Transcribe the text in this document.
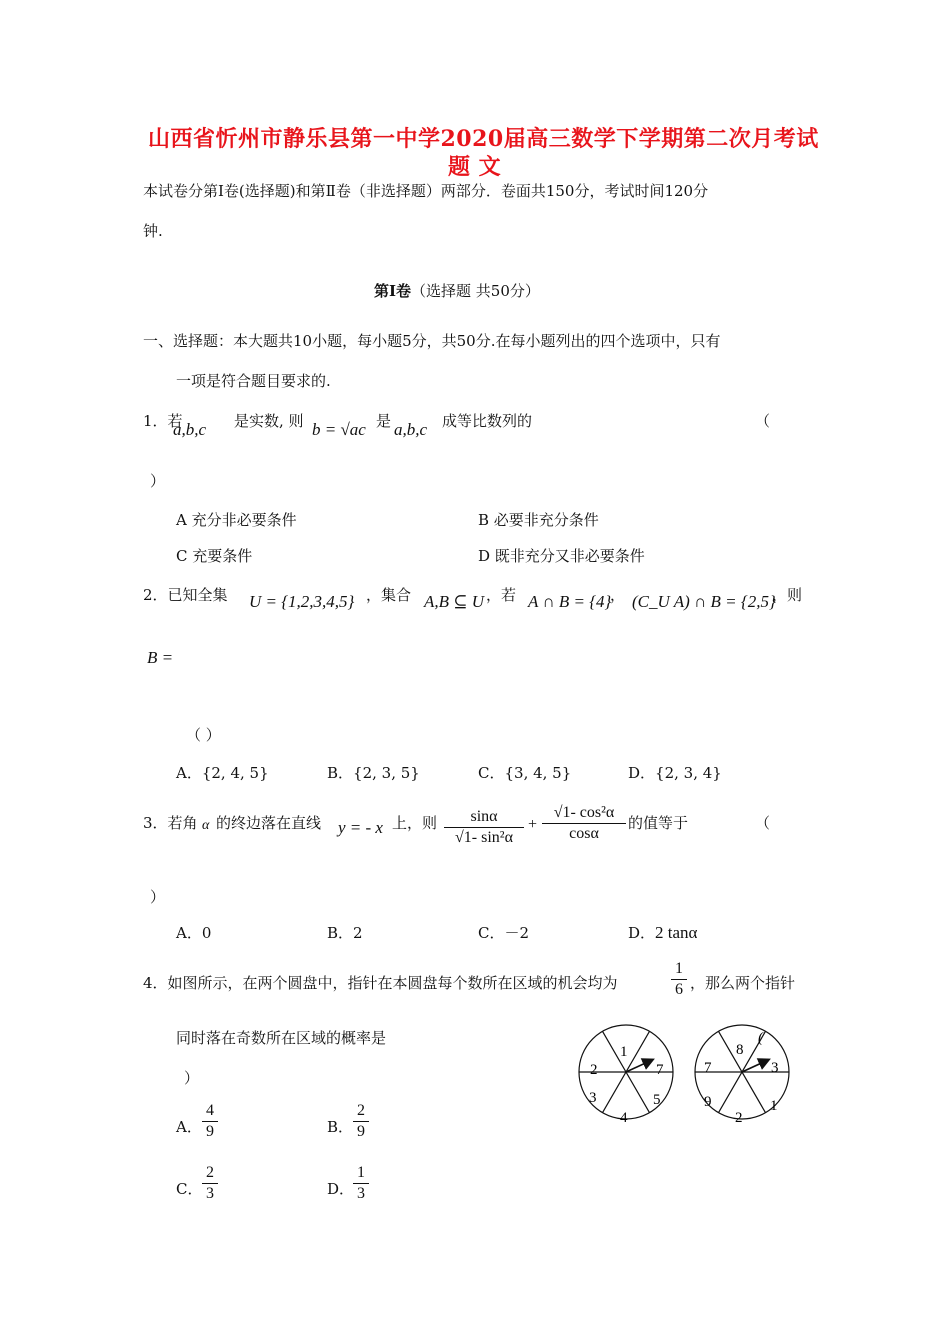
山西省忻州市静乐县第一中学2020届高三数学下学期第二次月考试
题 文
本试卷分第Ⅰ卷(选择题)和第Ⅱ卷（非选择题）两部分．卷面共150分，考试时间120分
钟.
第Ⅰ卷（选择题 共50分）
一、选择题：本大题共10小题，每小题5分，共50分.在每小题列出的四个选项中，只有
一项是符合题目要求的.
1．若
a,b,c 是实数, 则 b = √ac 是 a,b,c 成等比数列的	（
）
A 充分非必要条件	B 必要非充分条件
C 充要条件	D 既非充分又非必要条件
2．已知全集 U = {1,2,3,4,5} ，集合 A,B ⊆ U ，若 A ∩ B = {4}
， (C_U A) ∩ B = {2,5}
，则
B =
（ ）
A．{2, 4, 5}	B．{2, 3, 5}	C．{3, 4, 5}	D．{2, 3, 4}
3．若角 α 的终边落在直线 y = - x 上，则	sinα
√1- sin²α
+
√1- cos²α
cosα
的值等于	（
）
A．0	B．2	C．－2	D．2 tanα
4．如图所示，在两个圆盘中，指针在本圆盘每个数所在区域的机会均为
1
6 ，那么两个指针
同时落在奇数所在区域的概率是
）
A．
4
9	B．
2
9
C．
2
3	D．
1
3
1
7
5
4
3
2
8
3
1
2
9
7
(
